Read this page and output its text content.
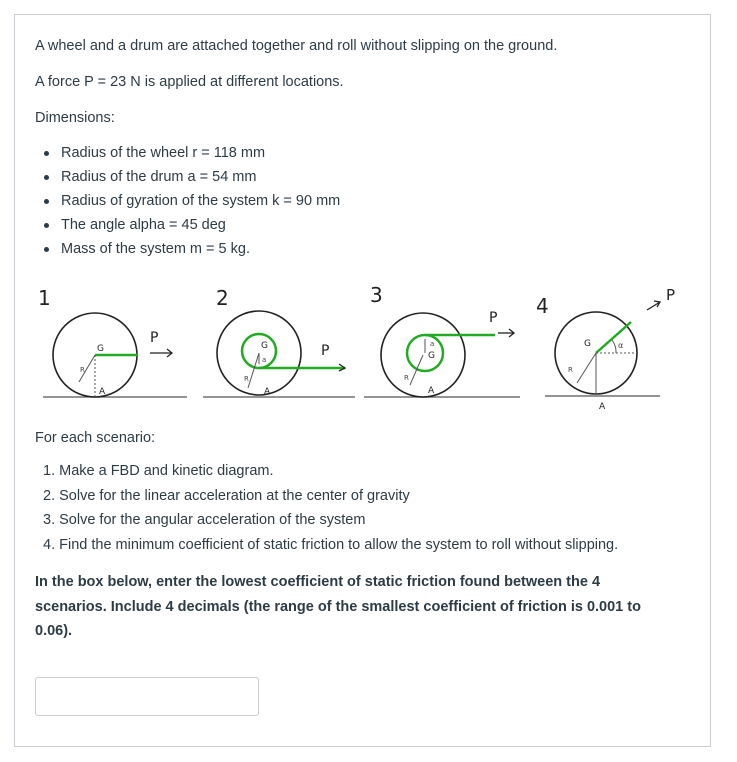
A wheel and a drum are attached together and roll without slipping on the ground.
A force P = 23 N is applied at different locations.
Dimensions:
Radius of the wheel r = 118 mm
Radius of the drum a = 54 mm
Radius of gyration of the system k = 90 mm
The angle alpha = 45 deg
Mass of the system m = 5 kg.
1
G
A
R
P
2
G
a
R
A
P
3
G
a
R
A
P 4
G	α
R
A
P
For each scenario:
1. Make a FBD and kinetic diagram.
2. Solve for the linear acceleration at the center of gravity
3. Solve for the angular acceleration of the system
4. Find the minimum coefficient of static friction to allow the system to roll without slipping.
In the box below, enter the lowest coefficient of static friction found between the 4 scenarios. Include 4 decimals (the range of the smallest coefficient of friction is 0.001 to 0.06).
